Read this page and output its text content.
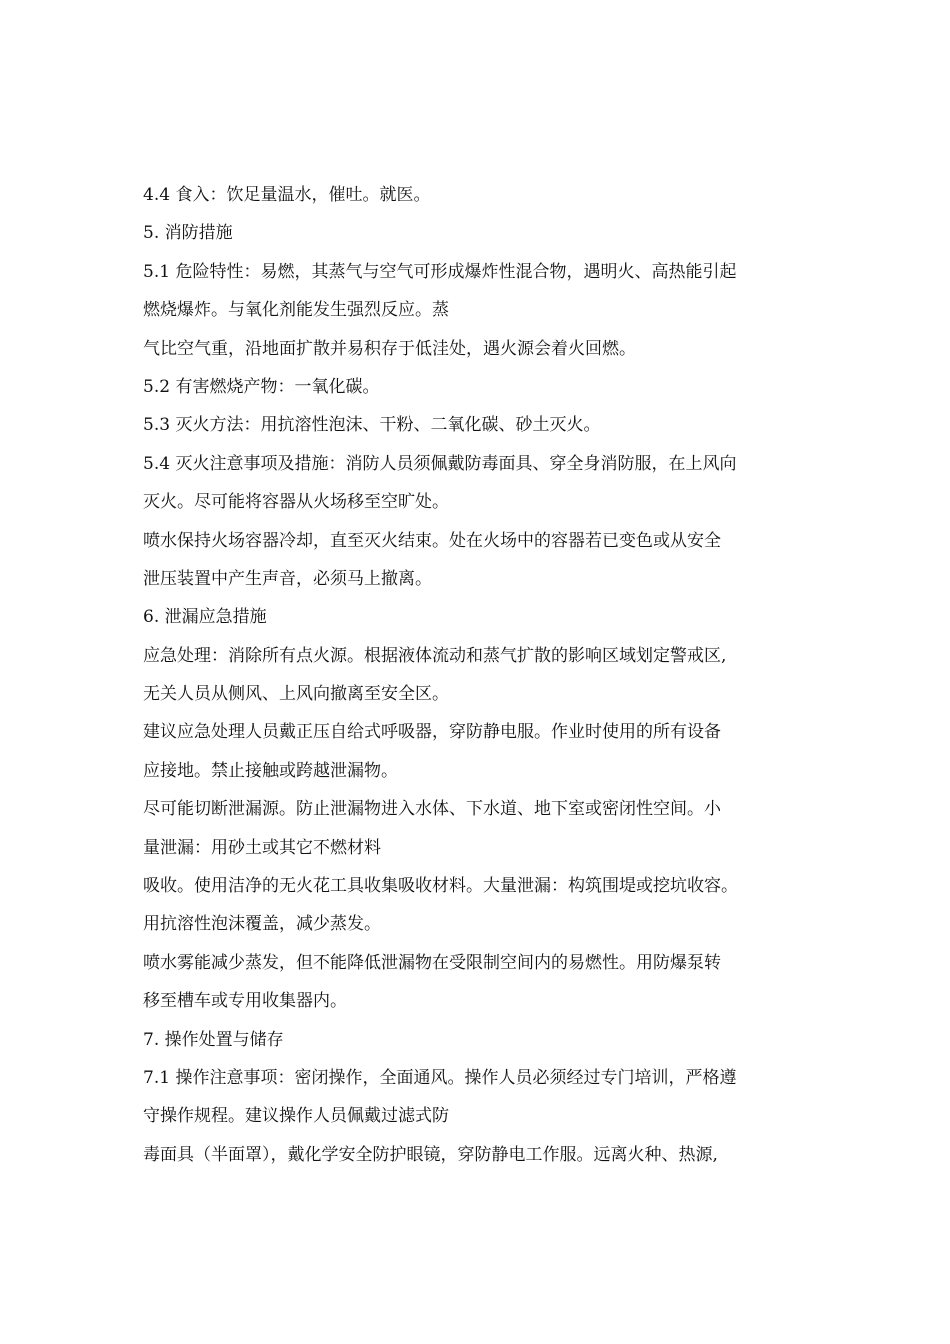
4.4 食入：饮足量温水，催吐。就医。
5. 消防措施
5.1 危险特性：易燃，其蒸气与空气可形成爆炸性混合物，遇明火、高热能引起
燃烧爆炸。与氧化剂能发生强烈反应。蒸
气比空气重，沿地面扩散并易积存于低洼处，遇火源会着火回燃。
5.2 有害燃烧产物：一氧化碳。
5.3 灭火方法：用抗溶性泡沫、干粉、二氧化碳、砂土灭火。
5.4 灭火注意事项及措施：消防人员须佩戴防毒面具、穿全身消防服，在上风向
灭火。尽可能将容器从火场移至空旷处。
喷水保持火场容器冷却，直至灭火结束。处在火场中的容器若已变色或从安全
泄压装置中产生声音，必须马上撤离。
6. 泄漏应急措施
应急处理：消除所有点火源。根据液体流动和蒸气扩散的影响区域划定警戒区,
无关人员从侧风、上风向撤离至安全区。
建议应急处理人员戴正压自给式呼吸器，穿防静电服。作业时使用的所有设备
应接地。禁止接触或跨越泄漏物。
尽可能切断泄漏源。防止泄漏物进入水体、下水道、地下室或密闭性空间。小
量泄漏：用砂土或其它不燃材料
吸收。使用洁净的无火花工具收集吸收材料。大量泄漏：构筑围堤或挖坑收容。
用抗溶性泡沫覆盖，减少蒸发。
喷水雾能减少蒸发，但不能降低泄漏物在受限制空间内的易燃性。用防爆泵转
移至槽车或专用收集器内。
7. 操作处置与储存
7.1 操作注意事项：密闭操作，全面通风。操作人员必须经过专门培训，严格遵
守操作规程。建议操作人员佩戴过滤式防
毒面具（半面罩），戴化学安全防护眼镜，穿防静电工作服。远离火种、热源,
